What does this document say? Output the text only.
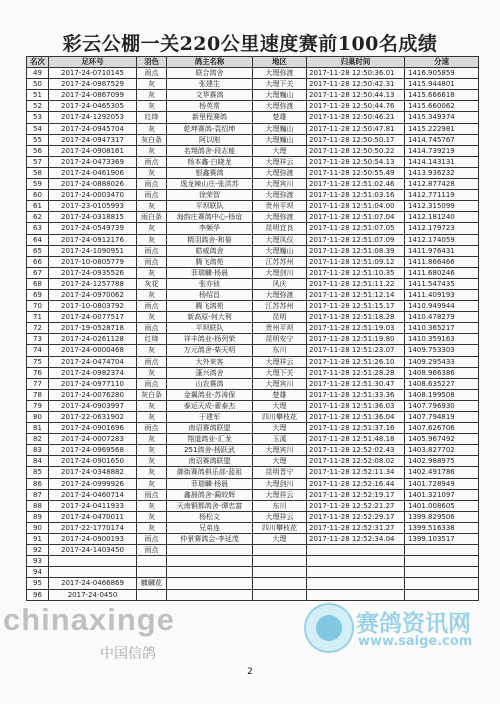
彩云公棚一关220公里速度赛前100名成绩
名次	足环号	羽色	鸽主名称	地区	归巢时间	分速
49	2017-24-0710145	雨点	联合鸽舍	大理弥渡	2017-11-28 12:50:36.01	1416.905859
50	2017-24-0987529	灰	张建生	大理下关	2017-11-28 12:50:42.31	1415.944801
51	2017-24-0867099	灰	文华赛鸽	大理巍山	2017-11-28 12:50:44.13	1415.666618
52	2017-24-0465305	灰	杨英常	大理弥渡	2017-11-28 12:50:44.76	1415.660062
53	2017-24-1292053	红绛	新里程赛鸽	楚雄	2017-11-28 12:50:46.21	1415.349374
54	2017-24-0945704	灰	乾坤赛鸽-袁绍坤	大理巍山	2017-11-28 12:50:47.81	1415.222981
55	2017-24-0947317	灰白条	阿以刚	大理巍山	2017-11-28 12:50:50.17	1414.745767
56	2017-24-0908161	灰	名翔鸽舍-段志能	大理	2017-11-28 12:50:50.22	1414.739219
57	2017-24-0473369	雨点	杨本鑫·白晓龙	大理祥云	2017-11-28 12:50:54.13	1414.143131
58	2017-24-0461906	灰	银鑫赛鸽	大理弥渡	2017-11-28 12:50:55.49	1413.936232
59	2017-24-0888026	雨点	逸龙辣山庄-张洪苏	大理宾川	2017-11-28 12:51:02.46	1412.877428
60	2017-24-0003470	雨点	徐荣智	大理弥渡	2017-11-28 12:51:03.16	1412.771119
61	2017-23-0105993	灰	平坝联队	贵州平坝	2017-11-28 12:51:04.00	1412.315099
62	2017-24-0318815	雨白条	海韵庄赛鸽中心-杨谊	大理弥渡	2017-11-28 12:51:07.04	1412.181240
63	2017-24-0549739	灰	李频华	昆明宜良	2017-11-28 12:51:07.05	1412.179723
64	2017-24-0912176	灰	精羽鸽舍-和晏	大理凤仪	2017-11-28 12:51:07.09	1412.174059
65	2017-24-1090951	雨点	皓威鸽舍	大理巍山	2017-11-28 12:51:08.39	1411.976431
66	2017-10-0805779	雨点	腾飞鸽苑	江苏苏州	2017-11-28 12:51:09.12	1411.866466
67	2017-24-0935526	灰	菲瑞麟·杨晨	大理剑川	2017-11-28 12:51:10.35	1411.680246
68	2017-24-1257788	灰花	张亦侦	风庆	2017-11-28 12:51:11.22	1411.547435
69	2017-24-0970062	灰	杨绍昌	大理弥渡	2017-11-28 12:51:12.14	1411.409193
70	2017-10-0803792	雨点	腾飞鸽苑	江苏苏州	2017-11-28 12:51:15.17	1410.949944
71	2017-24-0077517	灰	新高原-何大利	昆明	2017-11-28 12:51:18.28	1410.478279
72	2017-19-0528718	雨点	平坝联队	贵州平坝	2017-11-28 12:51:19.03	1410.365217
73	2017-24-0261128	红绛	祥丰鸽业-杨列荣	昆明安宁	2017-11-28 12:51:19.80	1410.359163
74	2017-24-0000468	灰	万元鸽舍-柴天明	东川	2017-11-28 12:51:23.07	1409.753303
75	2017-24-0474704	雨点	大外来客	大理祥云	2017-11-28 12:51:26.10	1409.295433
76	2017-24-0982374	灰	蓬兴鸽舍	大理下关	2017-11-28 12:51:28.28	1408.966386
77	2017-24-0977110	雨点	山农赛鸽	大理宾川	2017-11-28 12:51:30.47	1408.635227
78	2017-24-0076280	灰白条	金翼鸽业-苏涛保	楚雄	2017-11-28 12:51:33.36	1408.199508
79	2017-24-0903997	灰	泰运天成-翟泰杰	大理	2017-11-28 12:51:36.03	1407.796930
80	2017-22-0631902	灰	于建军	四川攀枝花	2017-11-28 12:51:36.04	1407.794819
81	2017-24-0901696	雨点	南诏赛鸽联盟	大理	2017-11-28 12:51:37.16	1407.626706
82	2017-24-0007283	灰	翔道鸽业-汇龙	玉溪	2017-11-28 12:51:48.18	1405.967492
83	2017-24-0969568	灰	251鸽舍-杨跃武	大理宾川	2017-11-28 12:52:02.43	1403.827702
84	2017-24-0901650	灰	南诏赛鸽联盟	大理	2017-11-28 12:52:08.02	1402.988975
85	2017-24-0348882	灰	御街赛鸽俱乐部-蓝祖	昆明晋宁	2017-11-28 12:52:11.34	1402.491786
86	2017-24-0999926	灰	菲瑞麟·杨晨	大理剑川	2017-11-28 12:52:16.44	1401.728949
87	2017-24-0460714	雨点	鑫晨鸽舍-蔺皎辉	大理祥云	2017-11-28 12:52:19.17	1401.321097
88	2017-24-0411933	灰	天南铜都鸽舍-谭忠富	东川	2017-11-28 12:52:21.27	1401.008605
89	2017-24-0470011	灰	杨松文	大理祥云	2017-11-28 12:52:29.17	1399.829506
90	2017-22-1770174	灰	兄弟连	四川攀枝花	2017-11-28 12:52:31.27	1399.516338
91	2017-24-0900193	雨点	仲景赛鸽会-李延茂	大理	2017-11-28 12:52:34.04	1399.103517
92	2017-24-1403450	雨点				
93						
94						
95	2017-24-0466869	麒麟花				
96	2017-24-0450					
chinaxinge
中国信鸽
赛鸽资讯网
www.saige.com
2
